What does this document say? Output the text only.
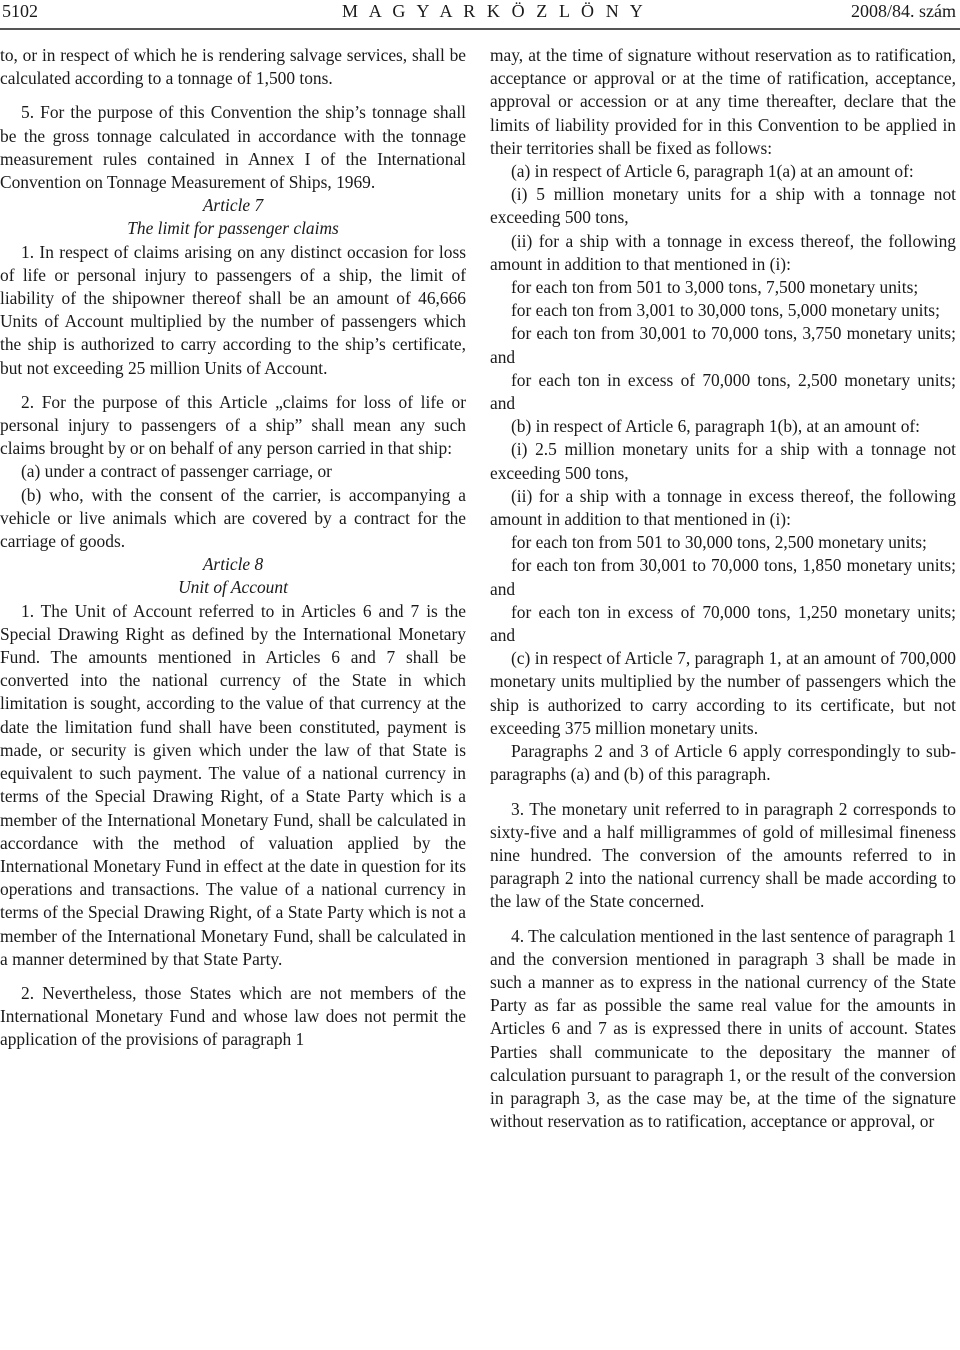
5102	M A G Y A R K Ö Z L Ö N Y	2008/84. szám

to, or in respect of which he is rendering salvage services, shall be calculated according to a tonnage of 1,500 tons.

5. For the purpose of this Convention the ship’s tonnage shall be the gross tonnage calculated in accordance with the tonnage measurement rules contained in Annex I of the International Convention on Tonnage Measurement of Ships, 1969.

Article 7

The limit for passenger claims

1. In respect of claims arising on any distinct occasion for loss of life or personal injury to passengers of a ship, the limit of liability of the shipowner thereof shall be an amount of 46,666 Units of Account multiplied by the number of passengers which the ship is authorized to carry according to the ship’s certificate, but not exceeding 25 million Units of Account.

2. For the purpose of this Article „claims for loss of life or personal injury to passengers of a ship” shall mean any such claims brought by or on behalf of any person carried in that ship:

(a) under a contract of passenger carriage, or

(b) who, with the consent of the carrier, is accompanying a vehicle or live animals which are covered by a contract for the carriage of goods.

Article 8

Unit of Account

1. The Unit of Account referred to in Articles 6 and 7 is the Special Drawing Right as defined by the International Monetary Fund. The amounts mentioned in Articles 6 and 7 shall be converted into the national currency of the State in which limitation is sought, according to the value of that currency at the date the limitation fund shall have been constituted, payment is made, or security is given which under the law of that State is equivalent to such payment. The value of a national currency in terms of the Special Drawing Right, of a State Party which is a member of the International Monetary Fund, shall be calculated in accordance with the method of valuation applied by the International Monetary Fund in effect at the date in question for its operations and transactions. The value of a national currency in terms of the Special Drawing Right, of a State Party which is not a member of the International Monetary Fund, shall be calculated in a manner determined by that State Party.

2. Nevertheless, those States which are not members of the International Monetary Fund and whose law does not permit the application of the provisions of paragraph 1

may, at the time of signature without reservation as to ratification, acceptance or approval or at the time of ratification, acceptance, approval or accession or at any time thereafter, declare that the limits of liability provided for in this Convention to be applied in their territories shall be fixed as follows:

(a) in respect of Article 6, paragraph 1(a) at an amount of:

(i) 5 million monetary units for a ship with a tonnage not exceeding 500 tons,

(ii) for a ship with a tonnage in excess thereof, the following amount in addition to that mentioned in (i):

for each ton from 501 to 3,000 tons, 7,500 monetary units;

for each ton from 3,001 to 30,000 tons, 5,000 monetary units;

for each ton from 30,001 to 70,000 tons, 3,750 monetary units; and

for each ton in excess of 70,000 tons, 2,500 monetary units; and

(b) in respect of Article 6, paragraph 1(b), at an amount of:

(i) 2.5 million monetary units for a ship with a tonnage not exceeding 500 tons,

(ii) for a ship with a tonnage in excess thereof, the following amount in addition to that mentioned in (i):

for each ton from 501 to 30,000 tons, 2,500 monetary units;

for each ton from 30,001 to 70,000 tons, 1,850 monetary units; and

for each ton in excess of 70,000 tons, 1,250 monetary units; and

(c) in respect of Article 7, paragraph 1, at an amount of 700,000 monetary units multiplied by the number of passengers which the ship is authorized to carry according to its certificate, but not exceeding 375 million monetary units.

Paragraphs 2 and 3 of Article 6 apply correspondingly to sub-paragraphs (a) and (b) of this paragraph.

3. The monetary unit referred to in paragraph 2 corresponds to sixty-five and a half milligrammes of gold of millesimal fineness nine hundred. The conversion of the amounts referred to in paragraph 2 into the national currency shall be made according to the law of the State concerned.

4. The calculation mentioned in the last sentence of paragraph 1 and the conversion mentioned in paragraph 3 shall be made in such a manner as to express in the national currency of the State Party as far as possible the same real value for the amounts in Articles 6 and 7 as is expressed there in units of account. States Parties shall communicate to the depositary the manner of calculation pursuant to paragraph 1, or the result of the conversion in paragraph 3, as the case may be, at the time of the signature without reservation as to ratification, acceptance or approval, or
